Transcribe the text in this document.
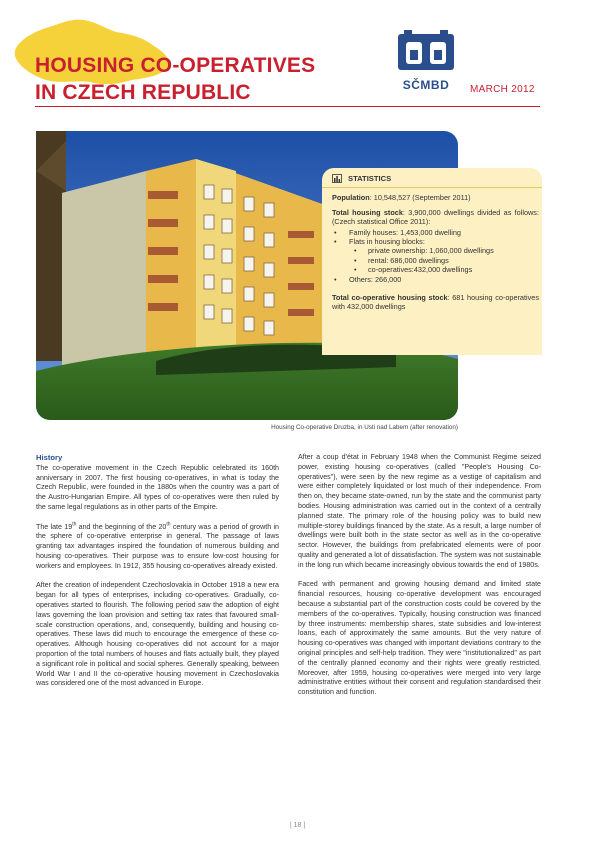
HOUSING CO-OPERATIVES
IN CZECH REPUBLIC	SČMBD	MARCH 2012
Housing Co-operative Druzba, in Usti nad Labem (after renovation)
STATISTICS

Population: 10,548,527 (September 2011)

Total housing stock: 3,900,000 dwellings divided as follows: (Czech statistical Office 2011):

• Family houses: 1,453,000 dwelling
• Flats in housing blocks:
• private ownership: 1,060,000 dwellings
• rental: 686,000 dwellings
• co-operatives:432,000 dwellings
• Others: 266,000

Total co-operative housing stock: 681 housing co-operatives with 432,000 dwellings

History

The co-operative movement in the Czech Republic celebrated its 160th anniversary in 2007. The first housing co-operatives, in what is today the Czech Republic, were founded in the 1880s when the country was a part of the Austro-Hungarian Empire. All types of co-operatives were then ruled by the same legal regulations as in other parts of the Empire.

The late 19th and the beginning of the 20th century was a period of growth in the sphere of co-operative enterprise in general. The passage of laws granting tax advantages inspired the foundation of numerous building and housing co-operatives. Their purpose was to ensure low-cost housing for workers and employees. In 1912, 355 housing co-operatives already existed.

After the creation of independent Czechoslovakia in October 1918 a new era began for all types of enterprises, including co-operatives. Gradually, co-operatives started to flourish. The following period saw the adoption of eight laws governing the loan provision and setting tax rates that favoured small-scale construction operations, and, consequently, building and housing co-operatives. These laws did much to encourage the emergence of these co-operatives. Although housing co-operatives did not account for a major proportion of the total numbers of houses and flats actually built, they played a significant role in political and social spheres. Generally speaking, between World War I and II the co-operative housing movement in Czechoslovakia was considered one of the most advanced in Europe.

After a coup d'état in February 1948 when the Communist Regime seized power, existing housing co-operatives (called "People's Housing Co-operatives"), were seen by the new regime as a vestige of capitalism and were either completely liquidated or lost much of their independence. From then on, they became state-owned, run by the state and the communist party bodies. Housing administration was carried out in the context of a centrally planned state. The primary role of the housing policy was to build new multiple-storey buildings financed by the state. As a result, a large number of dwellings were built both in the state sector as well as in the co-operative sector. However, the buildings from prefabricated elements were of poor quality and generated a lot of dissatisfaction. The system was not sustainable in the long run which became increasingly obvious towards the end of 1980s.

Faced with permanent and growing housing demand and limited state financial resources, housing co-operative development was encouraged because a substantial part of the construction costs could be covered by the members of the co-operatives. Typically, housing construction was financed by three instruments: membership shares, state subsidies and low-interest loans, each of approximately the same amounts. But the very nature of housing co-operatives was changed with important deviations contrary to the original principles and self-help tradition. They were "institutionalized" as part of the centrally planned economy and their rights were greatly restricted. Moreover, after 1959, housing co-operatives were merged into very large administrative entities without their consent and regulation standardised their constitution and function.

| 18 |
